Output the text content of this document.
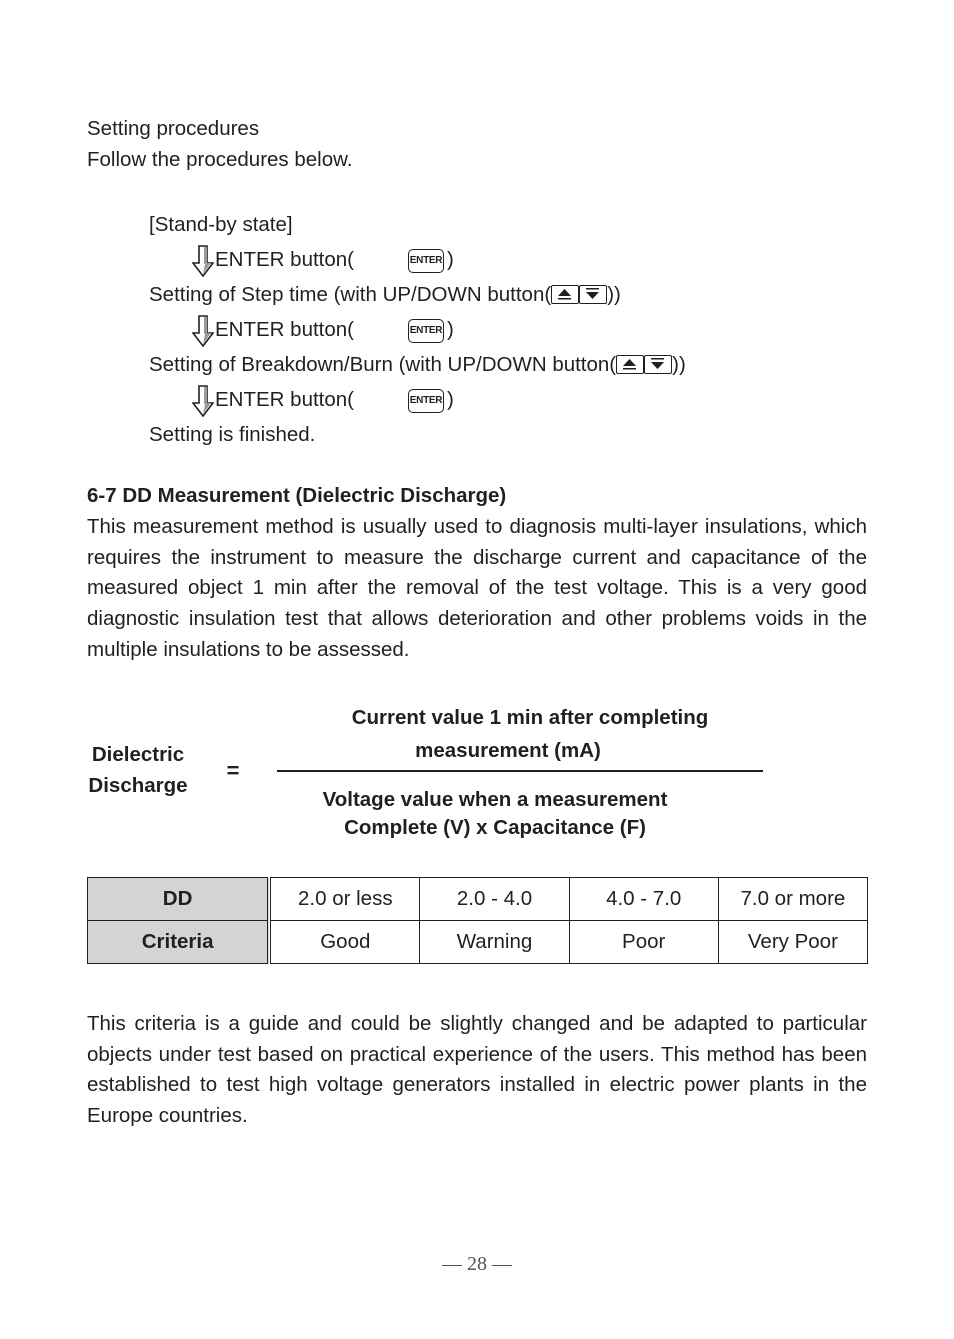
Setting procedures
Follow the procedures below.
[Stand-by state]
ENTER button(	ENTER )
Setting of Step time (with UP/DOWN button(	))
ENTER button(	ENTER )
Setting of Breakdown/Burn (with UP/DOWN button(	))
ENTER button(	ENTER )
Setting is finished.
6-7 DD Measurement (Dielectric Discharge)
This measurement method is usually used to diagnosis multi-layer insulations, which requires the instrument to measure the discharge current and capacitance of the measured object 1 min after the removal of the test voltage. This is a very good diagnostic insulation test that allows deterioration and other problems voids in the multiple insulations to be assessed.
Dielectric
Discharge
=
Current value 1 min after completing
measurement (mA)
Voltage value when a measurement
Complete (V) x Capacitance (F)
DD	2.0 or less	2.0 - 4.0	4.0 - 7.0	7.0 or more
Criteria	Good	Warning	Poor	Very Poor
This criteria is a guide and could be slightly changed and be adapted to particular objects under test based on practical experience of the users. This method has been established to test high voltage generators installed in electric power plants in the Europe countries.
— 28 —
